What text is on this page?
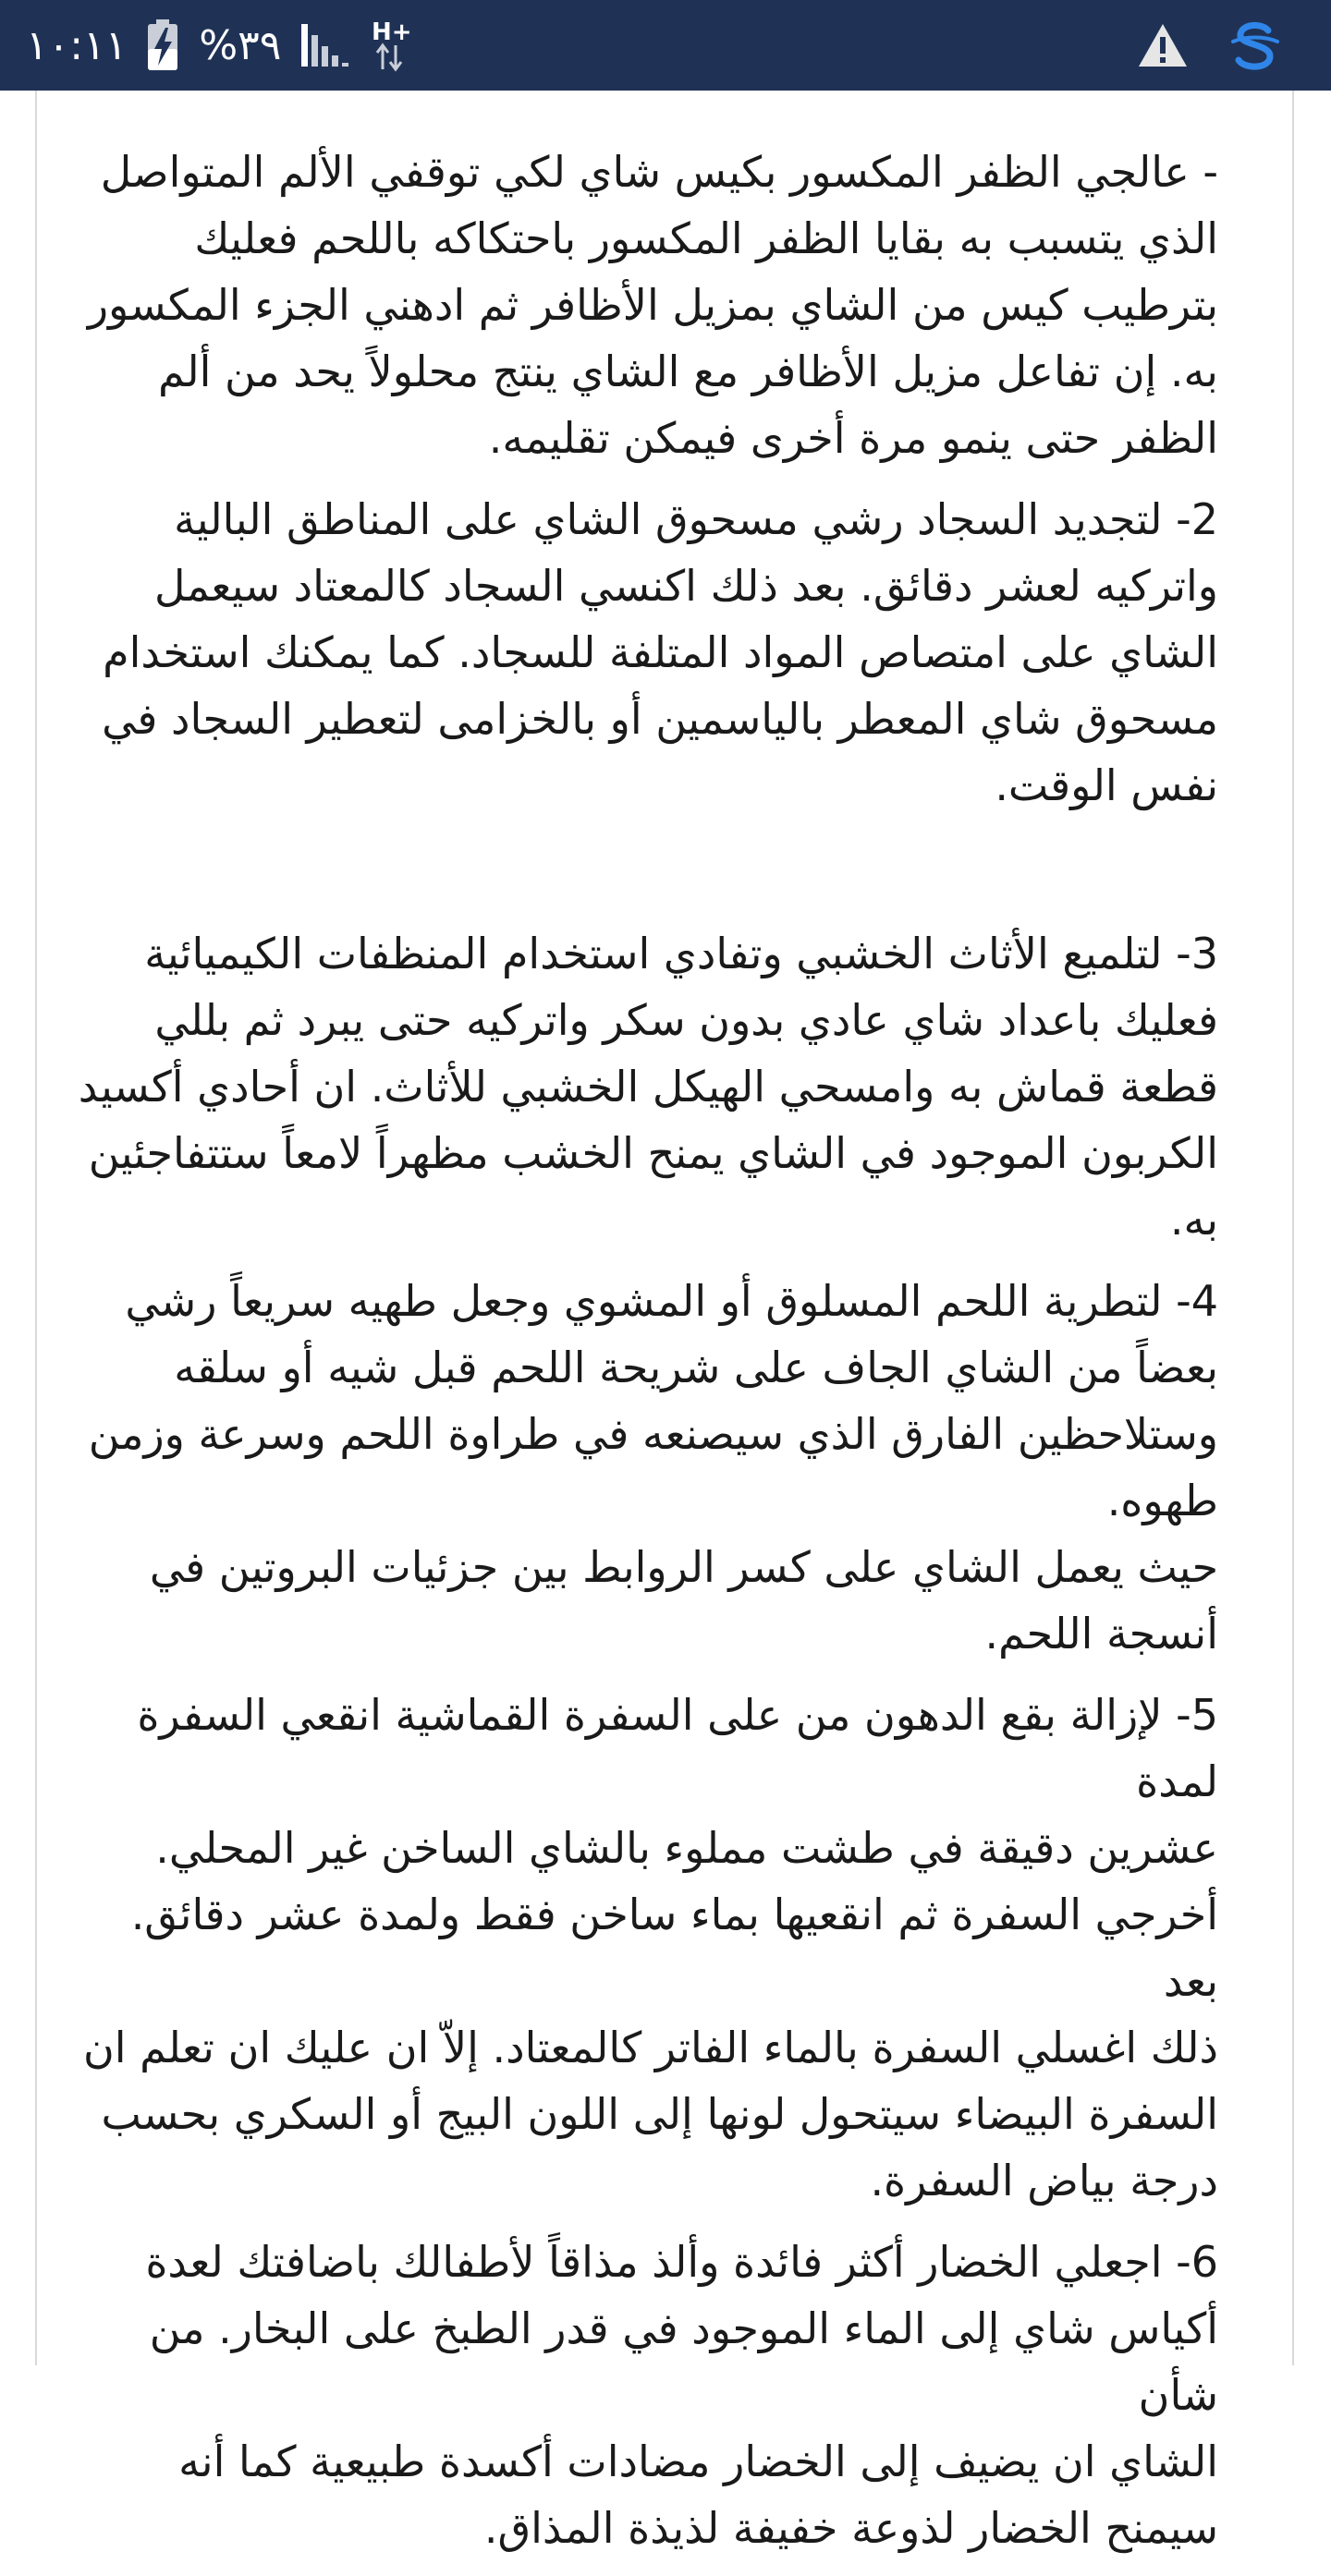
١٠:١١ %٣٩	H+

- عالجي الظفر المكسور بكيس شاي لكي توقفي الألم المتواصل
الذي يتسبب به بقايا الظفر المكسور باحتكاكه باللحم فعليك
بترطيب كيس من الشاي بمزيل الأظافر ثم ادهني الجزء المكسور
به. إن تفاعل مزيل الأظافر مع الشاي ينتج محلولاً يحد من ألم
الظفر حتى ينمو مرة أخرى فيمكن تقليمه.

2- لتجديد السجاد رشي مسحوق الشاي على المناطق البالية
واتركيه لعشر دقائق. بعد ذلك اكنسي السجاد كالمعتاد سيعمل
الشاي على امتصاص المواد المتلفة للسجاد. كما يمكنك استخدام
مسحوق شاي المعطر بالياسمين أو بالخزامى لتعطير السجاد في
نفس الوقت.

3- لتلميع الأثاث الخشبي وتفادي استخدام المنظفات الكيميائية
فعليك باعداد شاي عادي بدون سكر واتركيه حتى يبرد ثم بللي
قطعة قماش به وامسحي الهيكل الخشبي للأثاث. ان أحادي أكسيد
الكربون الموجود في الشاي يمنح الخشب مظهراً لامعاً ستتفاجئين
به.

4- لتطرية اللحم المسلوق أو المشوي وجعل طهيه سريعاً رشي
بعضاً من الشاي الجاف على شريحة اللحم قبل شيه أو سلقه
وستلاحظين الفارق الذي سيصنعه في طراوة اللحم وسرعة وزمن
طهوه.
حيث يعمل الشاي على كسر الروابط بين جزئيات البروتين في
أنسجة اللحم.

5- لإزالة بقع الدهون من على السفرة القماشية انقعي السفرة لمدة
عشرين دقيقة في طشت مملوء بالشاي الساخن غير المحلي.
أخرجي السفرة ثم انقعيها بماء ساخن فقط ولمدة عشر دقائق. بعد
ذلك اغسلي السفرة بالماء الفاتر كالمعتاد. إلاّ ان عليك ان تعلم ان
السفرة البيضاء سيتحول لونها إلى اللون البيج أو السكري بحسب
درجة بياض السفرة.

6- اجعلي الخضار أكثر فائدة وألذ مذاقاً لأطفالك باضافتك لعدة
أكياس شاي إلى الماء الموجود في قدر الطبخ على البخار. من شأن
الشاي ان يضيف إلى الخضار مضادات أكسدة طبيعية كما أنه
سيمنح الخضار لذوعة خفيفة لذيذة المذاق.
